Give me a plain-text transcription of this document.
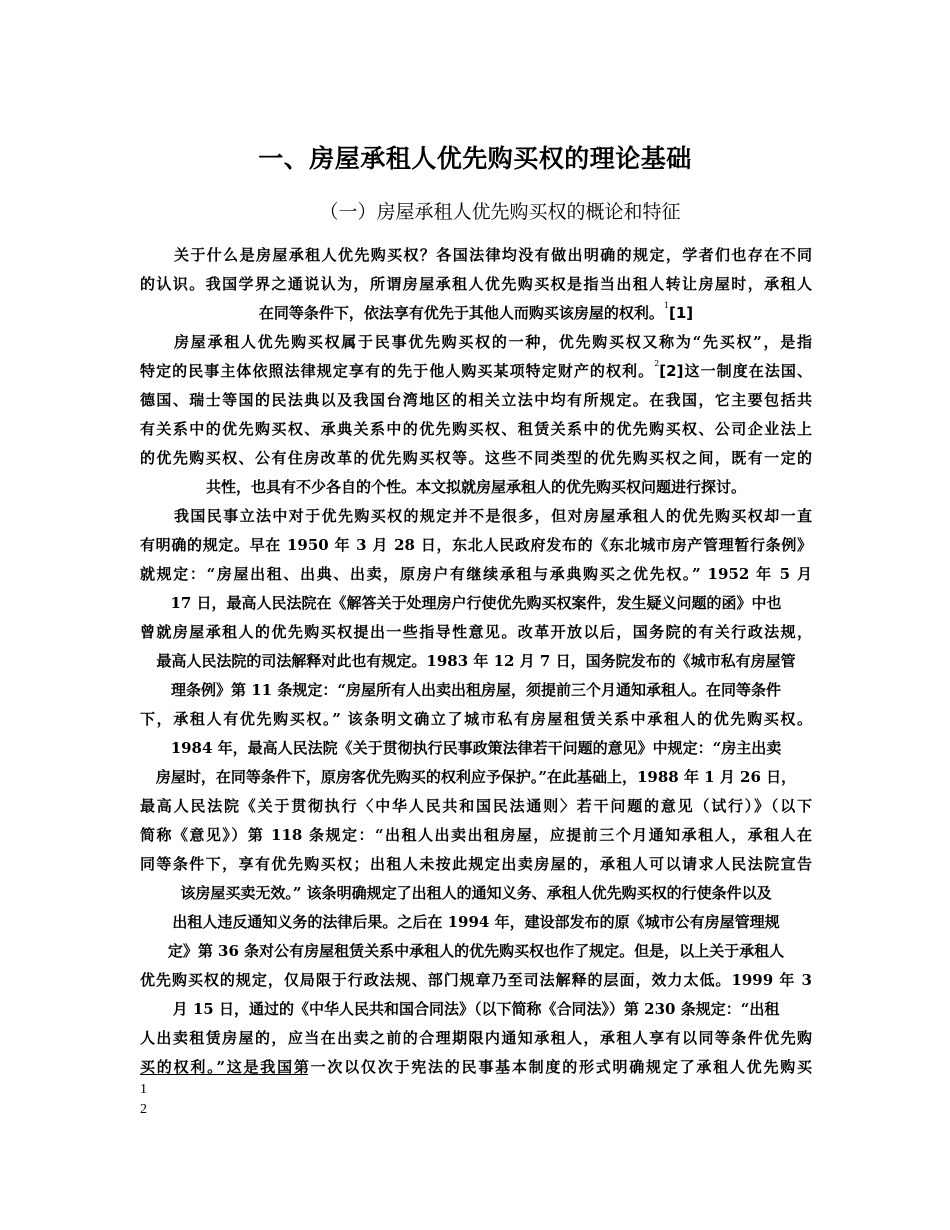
一、房屋承租人优先购买权的理论基础
（一）房屋承租人优先购买权的概论和特征
关于什么是房屋承租人优先购买权？各国法律均没有做出明确的规定，学者们也存在不同
的认识。我国学界之通说认为，所谓房屋承租人优先购买权是指当出租人转让房屋时，承租人
在同等条件下，依法享有优先于其他人而购买该房屋的权利。$^1$[1]
房屋承租人优先购买权属于民事优先购买权的一种，优先购买权又称为“先买权”，是指
特定的民事主体依照法律规定享有的先于他人购买某项特定财产的权利。$^2$[2]这一制度在法国、
德国、瑞士等国的民法典以及我国台湾地区的相关立法中均有所规定。在我国，它主要包括共
有关系中的优先购买权、承典关系中的优先购买权、租赁关系中的优先购买权、公司企业法上
的优先购买权、公有住房改革的优先购买权等。这些不同类型的优先购买权之间，既有一定的
共性，也具有不少各自的个性。本文拟就房屋承租人的优先购买权问题进行探讨。
我国民事立法中对于优先购买权的规定并不是很多，但对房屋承租人的优先购买权却一直
有明确的规定。早在 1950 年 3 月 28 日，东北人民政府发布的《东北城市房产管理暂行条例》
就规定：“房屋出租、出典、出卖，原房户有继续承租与承典购买之优先权。” 1952 年 5 月
17 日，最高人民法院在《解答关于处理房户行使优先购买权案件，发生疑义问题的函》中也
曾就房屋承租人的优先购买权提出一些指导性意见。改革开放以后，国务院的有关行政法规，
最高人民法院的司法解释对此也有规定。1983 年 12 月 7 日，国务院发布的《城市私有房屋管
理条例》第 11 条规定：“房屋所有人出卖出租房屋，须提前三个月通知承租人。在同等条件
下，承租人有优先购买权。” 该条明文确立了城市私有房屋租赁关系中承租人的优先购买权。
1984 年，最高人民法院《关于贯彻执行民事政策法律若干问题的意见》中规定：“房主出卖
房屋时，在同等条件下，原房客优先购买的权利应予保护。”在此基础上，1988 年 1 月 26 日，
最高人民法院《关于贯彻执行〈中华人民共和国民法通则〉若干问题的意见（试行）》（以下
简称《意见》）第 118 条规定：“出租人出卖出租房屋，应提前三个月通知承租人，承租人在
同等条件下，享有优先购买权；出租人未按此规定出卖房屋的，承租人可以请求人民法院宣告
该房屋买卖无效。” 该条明确规定了出租人的通知义务、承租人优先购买权的行使条件以及
出租人违反通知义务的法律后果。之后在 1994 年，建设部发布的原《城市公有房屋管理规
定》第 36 条对公有房屋租赁关系中承租人的优先购买权也作了规定。但是，以上关于承租人
优先购买权的规定，仅局限于行政法规、部门规章乃至司法解释的层面，效力太低。1999 年 3
月 15 日，通过的《中华人民共和国合同法》（以下简称《合同法》）第 230 条规定：“出租
人出卖租赁房屋的，应当在出卖之前的合理期限内通知承租人，承租人享有以同等条件优先购
买的权利。”这是我国第一次以仅次于宪法的民事基本制度的形式明确规定了承租人优先购买
1
2
